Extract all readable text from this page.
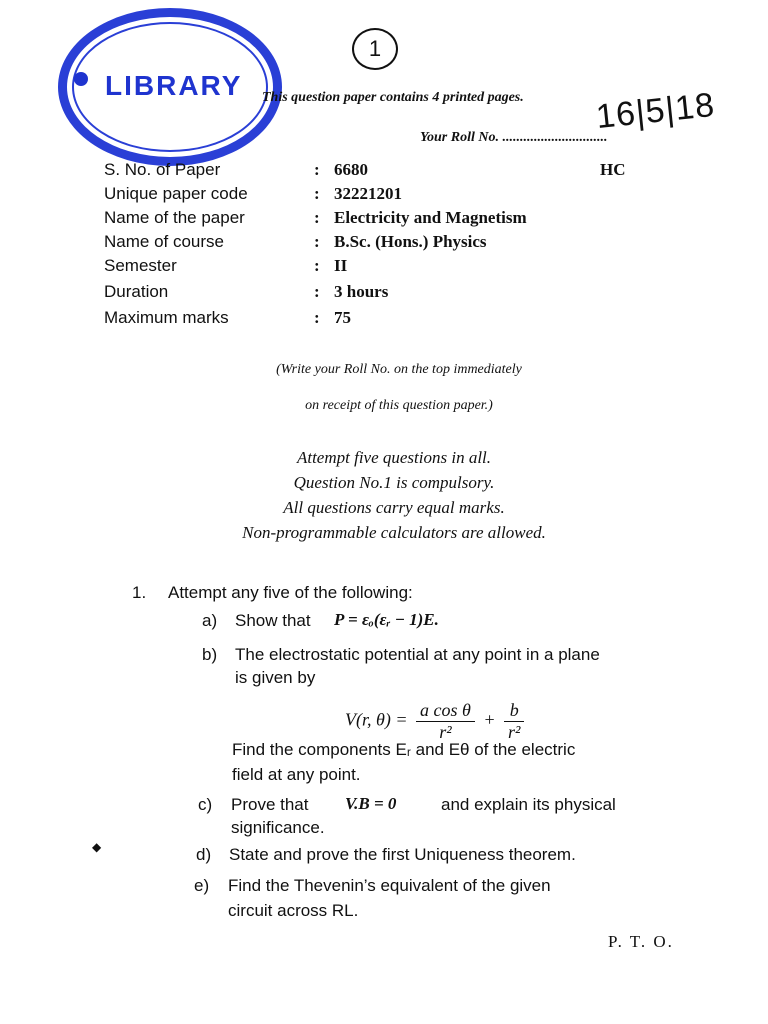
LIBRARY
1
This question paper contains 4 printed pages.
Your Roll No. ..............................
16|5|18
S. No. of Paper	: 6680	HC
Unique paper code	: 32221201
Name of the paper	: Electricity and Magnetism
Name of course	: B.Sc. (Hons.) Physics
Semester	: II
Duration	: 3 hours
Maximum marks	: 75
(Write your Roll No. on the top immediately
on receipt of this question paper.)
Attempt five questions in all.
Question No.1 is compulsory.
All questions carry equal marks.
Non-programmable calculators are allowed.
1. Attempt any five of the following:
a) Show that P = εₒ(εᵣ − 1)E.
b) The electrostatic potential at any point in a plane
is given by
V(r, $\theta) = \frac{\text{a cos θ}}{\text{r²}} + \frac{b}{\text{r²}}$
Find the components Eᵣ and Eθ of the electric
field at any point.
c) Prove that V.B = 0	and explain its physical
significance.
◆	d) State and prove the first Uniqueness theorem.
e) Find the Thevenin’s equivalent of the given
circuit across RL.
P. T. O.
